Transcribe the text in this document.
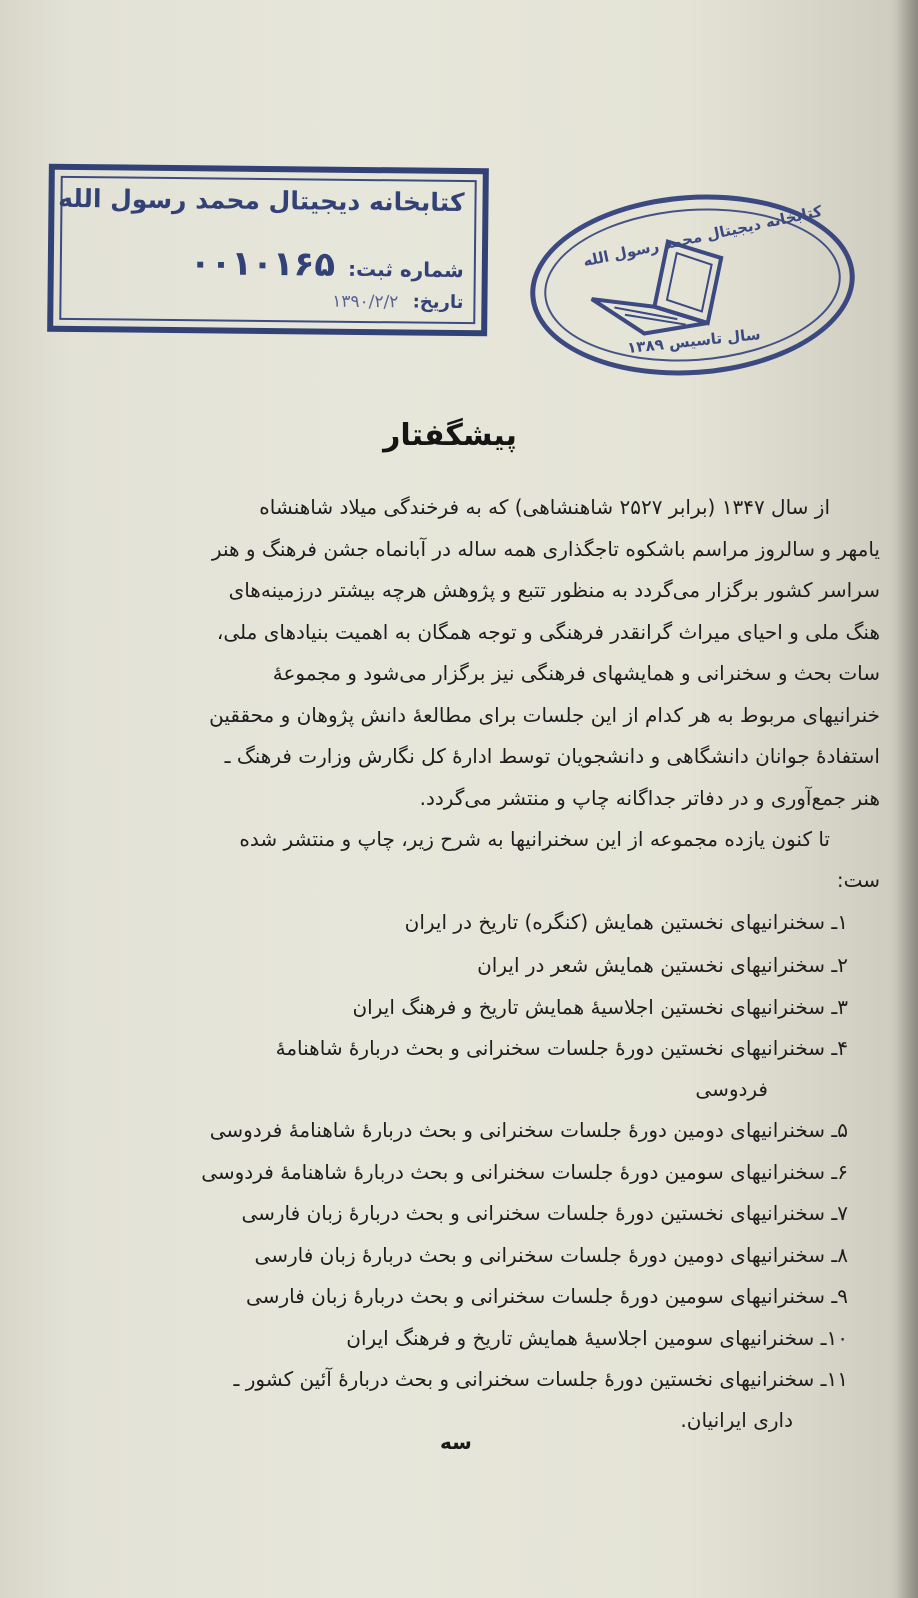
کتابخانه دیجیتال محمد رسول الله
شماره ثبت: ۰۰۱۰۱۶۵
تاریخ: ۱۳۹۰/۲/۲
کتابخانه دیجیتال محمد رسول الله
سال تاسیس ۱۳۸۹
پیشگفتار
از سال ۱۳۴۷ (برابر ۲۵۲۷ شاهنشاهی) که به فرخندگی میلاد شاهنشاه
یامهر و سالروز مراسم باشکوه تاجگذاری همه ساله در آبانماه جشن فرهنگ و هنر
سراسر کشور برگزار می‌گردد به منظور تتبع و پژوهش هرچه بیشتر درزمینه‌های
هنگ ملی و احیای میراث گرانقدر فرهنگی و توجه همگان به اهمیت بنیادهای ملی،
سات بحث و سخنرانی و همایشهای فرهنگی نیز برگزار می‌شود و مجموعهٔ
خنرانیهای مربوط به هر کدام از این جلسات برای مطالعهٔ دانش پژوهان و محققین
استفادهٔ جوانان دانشگاهی و دانشجویان توسط ادارهٔ کل نگارش وزارت فرهنگ ـ
هنر جمع‌آوری و در دفاتر جداگانه چاپ و منتشر می‌گردد.
تا کنون یازده مجموعه از این سخنرانیها به شرح زیر، چاپ و منتشر شده
ست:
۱ـ سخنرانیهای نخستین همایش (کنگره) تاریخ در ایران
۲ـ سخنرانیهای نخستین همایش شعر در ایران
۳ـ سخنرانیهای نخستین اجلاسیهٔ همایش تاریخ و فرهنگ ایران
۴ـ سخنرانیهای نخستین دورهٔ جلسات سخنرانی و بحث دربارهٔ شاهنامهٔ
فردوسی
۵ـ سخنرانیهای دومین دورهٔ جلسات سخنرانی و بحث دربارهٔ شاهنامهٔ فردوسی
۶ـ سخنرانیهای سومین دورهٔ جلسات سخنرانی و بحث دربارهٔ شاهنامهٔ فردوسی
۷ـ سخنرانیهای نخستین دورهٔ جلسات سخنرانی و بحث دربارهٔ زبان فارسی
۸ـ سخنرانیهای دومین دورهٔ جلسات سخنرانی و بحث دربارهٔ زبان فارسی
۹ـ سخنرانیهای سومین دورهٔ جلسات سخنرانی و بحث دربارهٔ زبان فارسی
۱۰ـ سخنرانیهای سومین اجلاسیهٔ همایش تاریخ و فرهنگ ایران
۱۱ـ سخنرانیهای نخستین دورهٔ جلسات سخنرانی و بحث دربارهٔ آئین کشور ـ
داری ایرانیان.
سه
